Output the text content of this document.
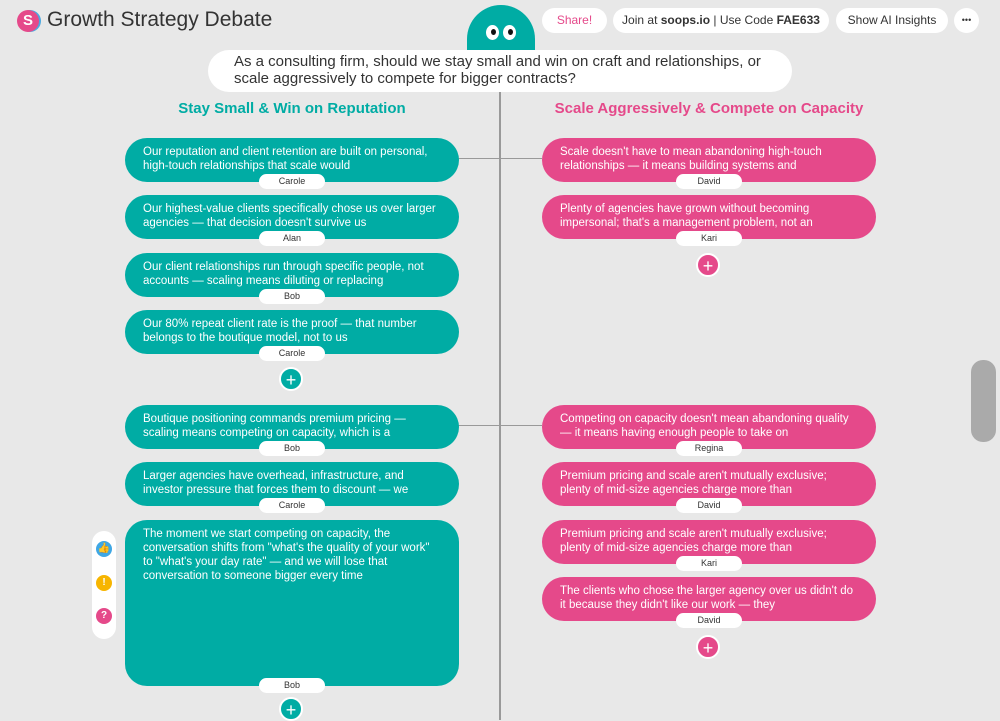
S Growth Strategy Debate	Share!	Join at soops.io | Use Code FAE633	Show AI Insights	•••
As a consulting firm, should we stay small and win on craft and relationships, or scale aggressively to compete for bigger contracts?
Stay Small & Win on Reputation	Scale Aggressively & Compete on Capacity
Our reputation and client retention are built on personal, high-touch relationships that scale would
Carole
Our highest-value clients specifically chose us over larger agencies — that decision doesn't survive us
Alan
Our client relationships run through specific people, not accounts — scaling means diluting or replacing
Bob
Our 80% repeat client rate is the proof — that number belongs to the boutique model, not to us
Carole
Boutique positioning commands premium pricing — scaling means competing on capacity, which is a
Bob
Larger agencies have overhead, infrastructure, and investor pressure that forces them to discount — we
Carole
The moment we start competing on capacity, the conversation shifts from "what's the quality of your work" to "what's your day rate" — and we will lose that conversation to someone bigger every time
Bob
Scale doesn't have to mean abandoning high-touch relationships — it means building systems and
David
Plenty of agencies have grown without becoming impersonal; that's a management problem, not an
Kari
Competing on capacity doesn't mean abandoning quality — it means having enough people to take on
Regina
Premium pricing and scale aren't mutually exclusive; plenty of mid-size agencies charge more than
David
Premium pricing and scale aren't mutually exclusive; plenty of mid-size agencies charge more than
Kari
The clients who chose the larger agency over us didn't do it because they didn't like our work — they
David
+
+
+
+
👍
!
?
